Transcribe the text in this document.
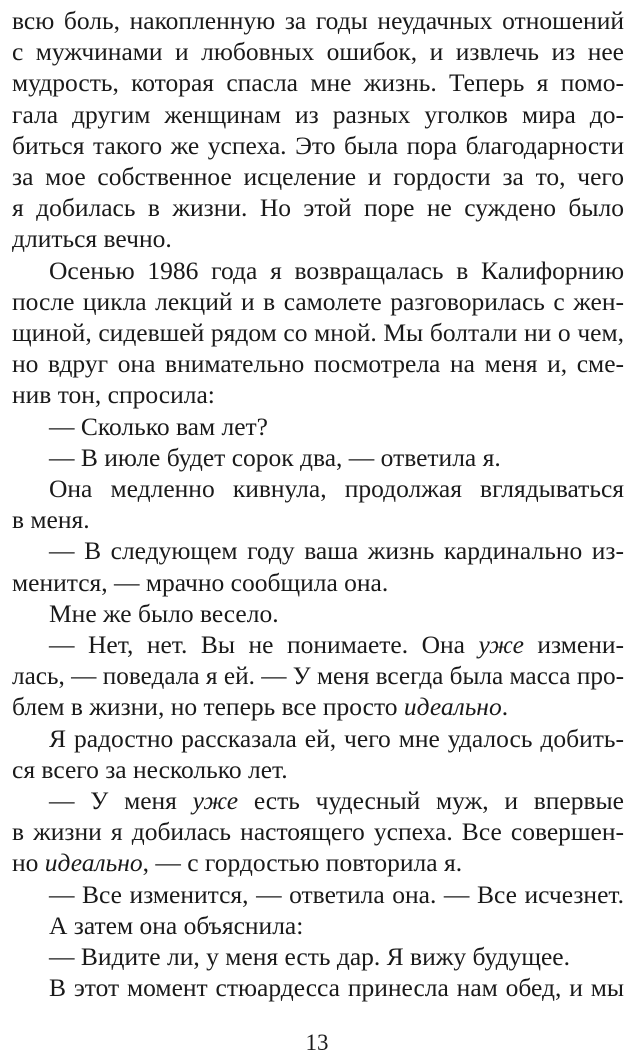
всю боль, накопленную за годы неудачных отношений
с мужчинами и любовных ошибок, и извлечь из нее
мудрость, которая спасла мне жизнь. Теперь я помо-
гала другим женщинам из разных уголков мира до-
биться такого же успеха. Это была пора благодарности
за мое собственное исцеление и гордости за то, чего
я добилась в жизни. Но этой поре не суждено было
длиться вечно.
Осенью 1986 года я возвращалась в Калифорнию
после цикла лекций и в самолете разговорилась с жен-
щиной, сидевшей рядом со мной. Мы болтали ни о чем,
но вдруг она внимательно посмотрела на меня и, сме-
нив тон, спросила:
— Сколько вам лет?
— В июле будет сорок два, — ответила я.
Она медленно кивнула, продолжая вглядываться
в меня.
— В следующем году ваша жизнь кардинально из-
менится, — мрачно сообщила она.
Мне же было весело.
— Нет, нет. Вы не понимаете. Она уже измени-
лась, — поведала я ей. — У меня всегда была масса про-
блем в жизни, но теперь все просто идеально.
Я радостно рассказала ей, чего мне удалось добить-
ся всего за несколько лет.
— У меня уже есть чудесный муж, и впервые
в жизни я добилась настоящего успеха. Все совершен-
но идеально, — с гордостью повторила я.
— Все изменится, — ответила она. — Все исчезнет.
А затем она объяснила:
— Видите ли, у меня есть дар. Я вижу будущее.
В этот момент стюардесса принесла нам обед, и мы
13
